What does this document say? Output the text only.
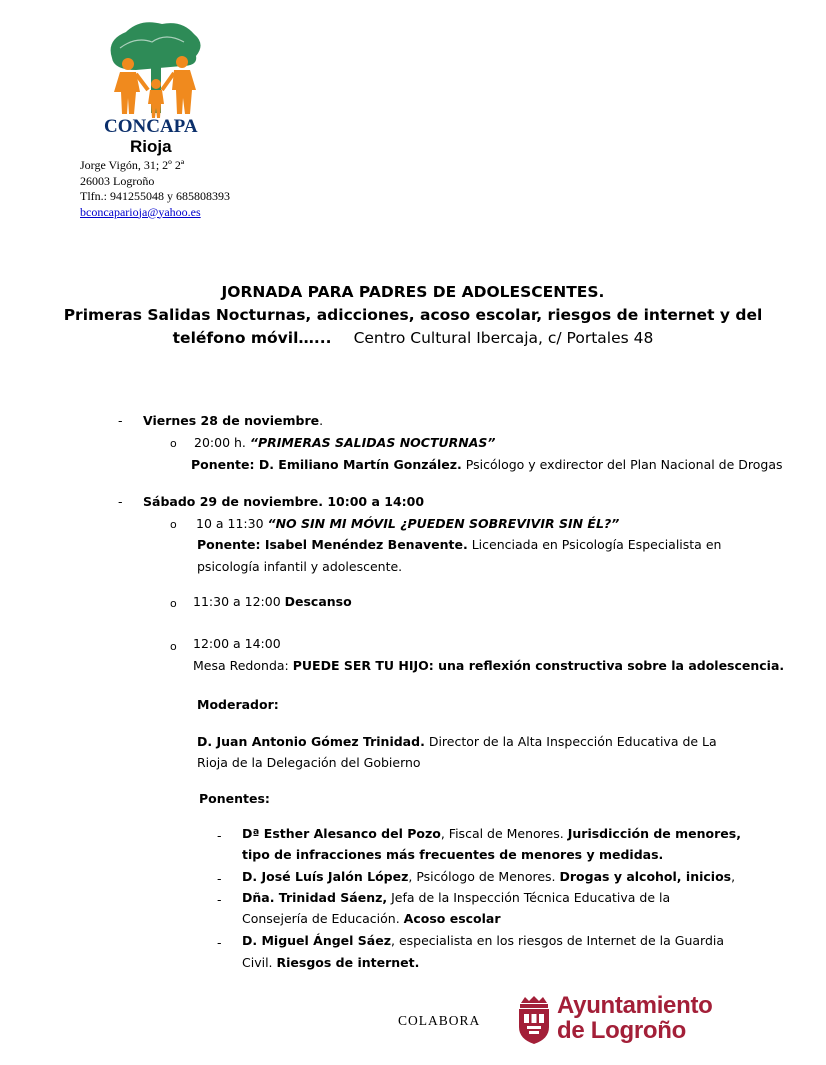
CONCAPA
Rioja
Jorge Vigón, 31; 2º 2ª
26003 Logroño
Tlfn.: 941255048 y 685808393
bconcaparioja@yahoo.es
JORNADA PARA PADRES DE ADOLESCENTES.
Primeras Salidas Nocturnas, adicciones, acoso escolar, riesgos de internet y del
teléfono móvil…... Centro Cultural Ibercaja, c/ Portales 48
- Viernes 28 de noviembre.
o 20:00 h. “PRIMERAS SALIDAS NOCTURNAS”
Ponente: D. Emiliano Martín González. Psicólogo y exdirector del Plan Nacional de Drogas
- Sábado 29 de noviembre. 10:00 a 14:00
o 10 a 11:30 “NO SIN MI MÓVIL ¿PUEDEN SOBREVIVIR SIN ÉL?”
Ponente: Isabel Menéndez Benavente. Licenciada en Psicología Especialista en
psicología infantil y adolescente.
o 11:30 a 12:00 Descanso
o 12:00 a 14:00
Mesa Redonda: PUEDE SER TU HIJO: una reflexión constructiva sobre la adolescencia.
Moderador:
D. Juan Antonio Gómez Trinidad. Director de la Alta Inspección Educativa de La
Rioja de la Delegación del Gobierno
Ponentes:
- Dª Esther Alesanco del Pozo, Fiscal de Menores. Jurisdicción de menores,
tipo de infracciones más frecuentes de menores y medidas.
- D. José Luís Jalón López, Psicólogo de Menores. Drogas y alcohol, inicios,
- Dña. Trinidad Sáenz, Jefa de la Inspección Técnica Educativa de la
Consejería de Educación. Acoso escolar
- D. Miguel Ángel Sáez, especialista en los riesgos de Internet de la Guardia
Civil. Riesgos de internet.
COLABORA
Ayuntamiento
de Logroño
